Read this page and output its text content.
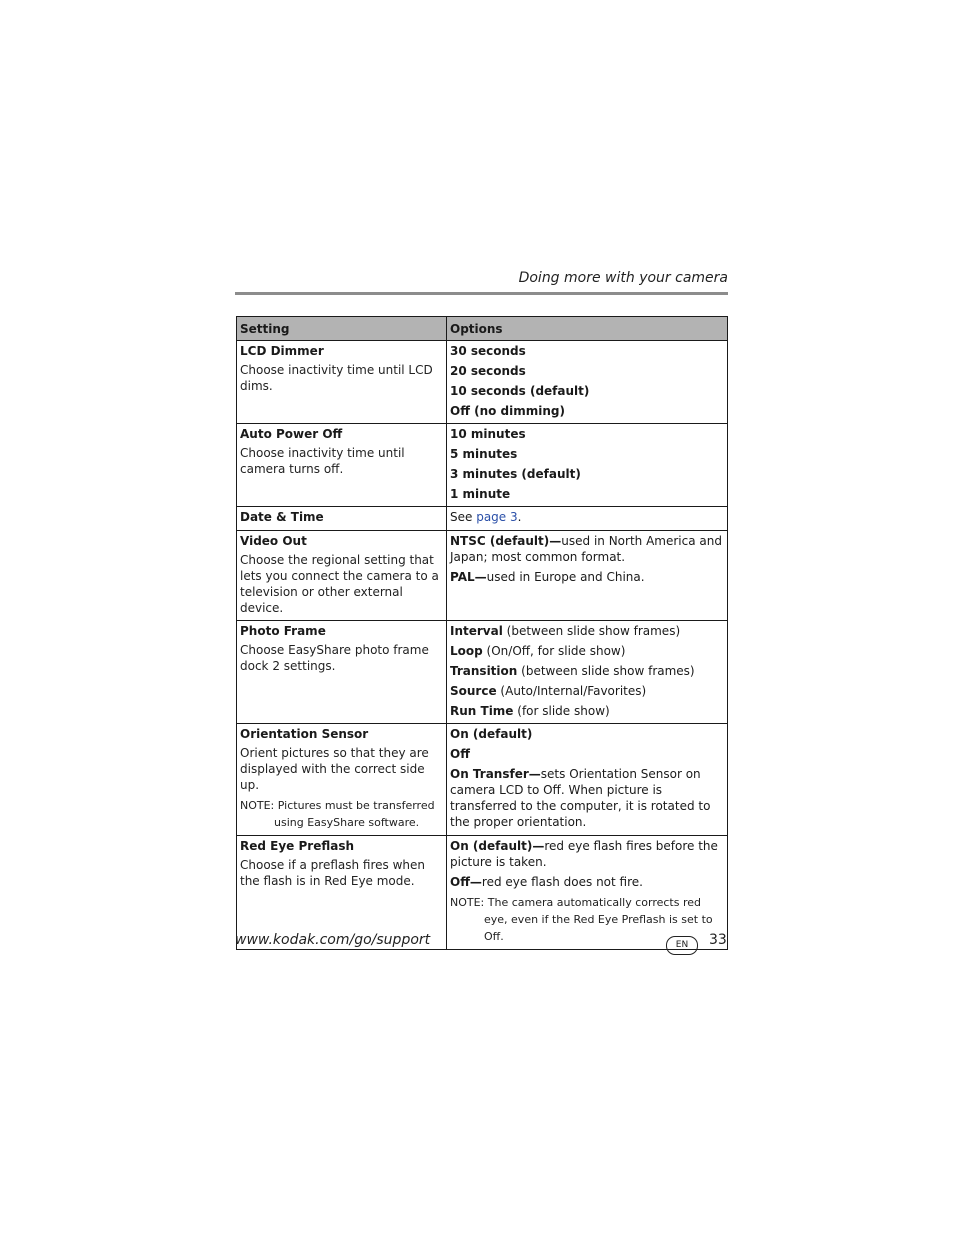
Doing more with your camera
Setting	Options

LCD Dimmer
Choose inactivity time until LCD dims.	30 seconds
20 seconds
10 seconds (default)
Off (no dimming)

Auto Power Off
Choose inactivity time until camera turns off.	10 minutes
5 minutes
3 minutes (default)
1 minute

Date & Time	See page 3.

Video Out
Choose the regional setting that lets you connect the camera to a television or other external device.	NTSC (default)—used in North America and Japan; most common format.
PAL—used in Europe and China.

Photo Frame
Choose EasyShare photo frame dock 2 settings.	Interval (between slide show frames)
Loop (On/Off, for slide show)
Transition (between slide show frames)
Source (Auto/Internal/Favorites)
Run Time (for slide show)

Orientation Sensor
Orient pictures so that they are displayed with the correct side up.
NOTE: Pictures must be transferred using EasyShare software.	On (default)
Off
On Transfer—sets Orientation Sensor on camera LCD to Off. When picture is transferred to the computer, it is rotated to the proper orientation.

Red Eye Preflash
Choose if a preflash fires when the flash is in Red Eye mode.	On (default)—red eye flash fires before the picture is taken.
Off—red eye flash does not fire.
NOTE: The camera automatically corrects red eye, even if the Red Eye Preflash is set to Off.
www.kodak.com/go/support	EN	33
